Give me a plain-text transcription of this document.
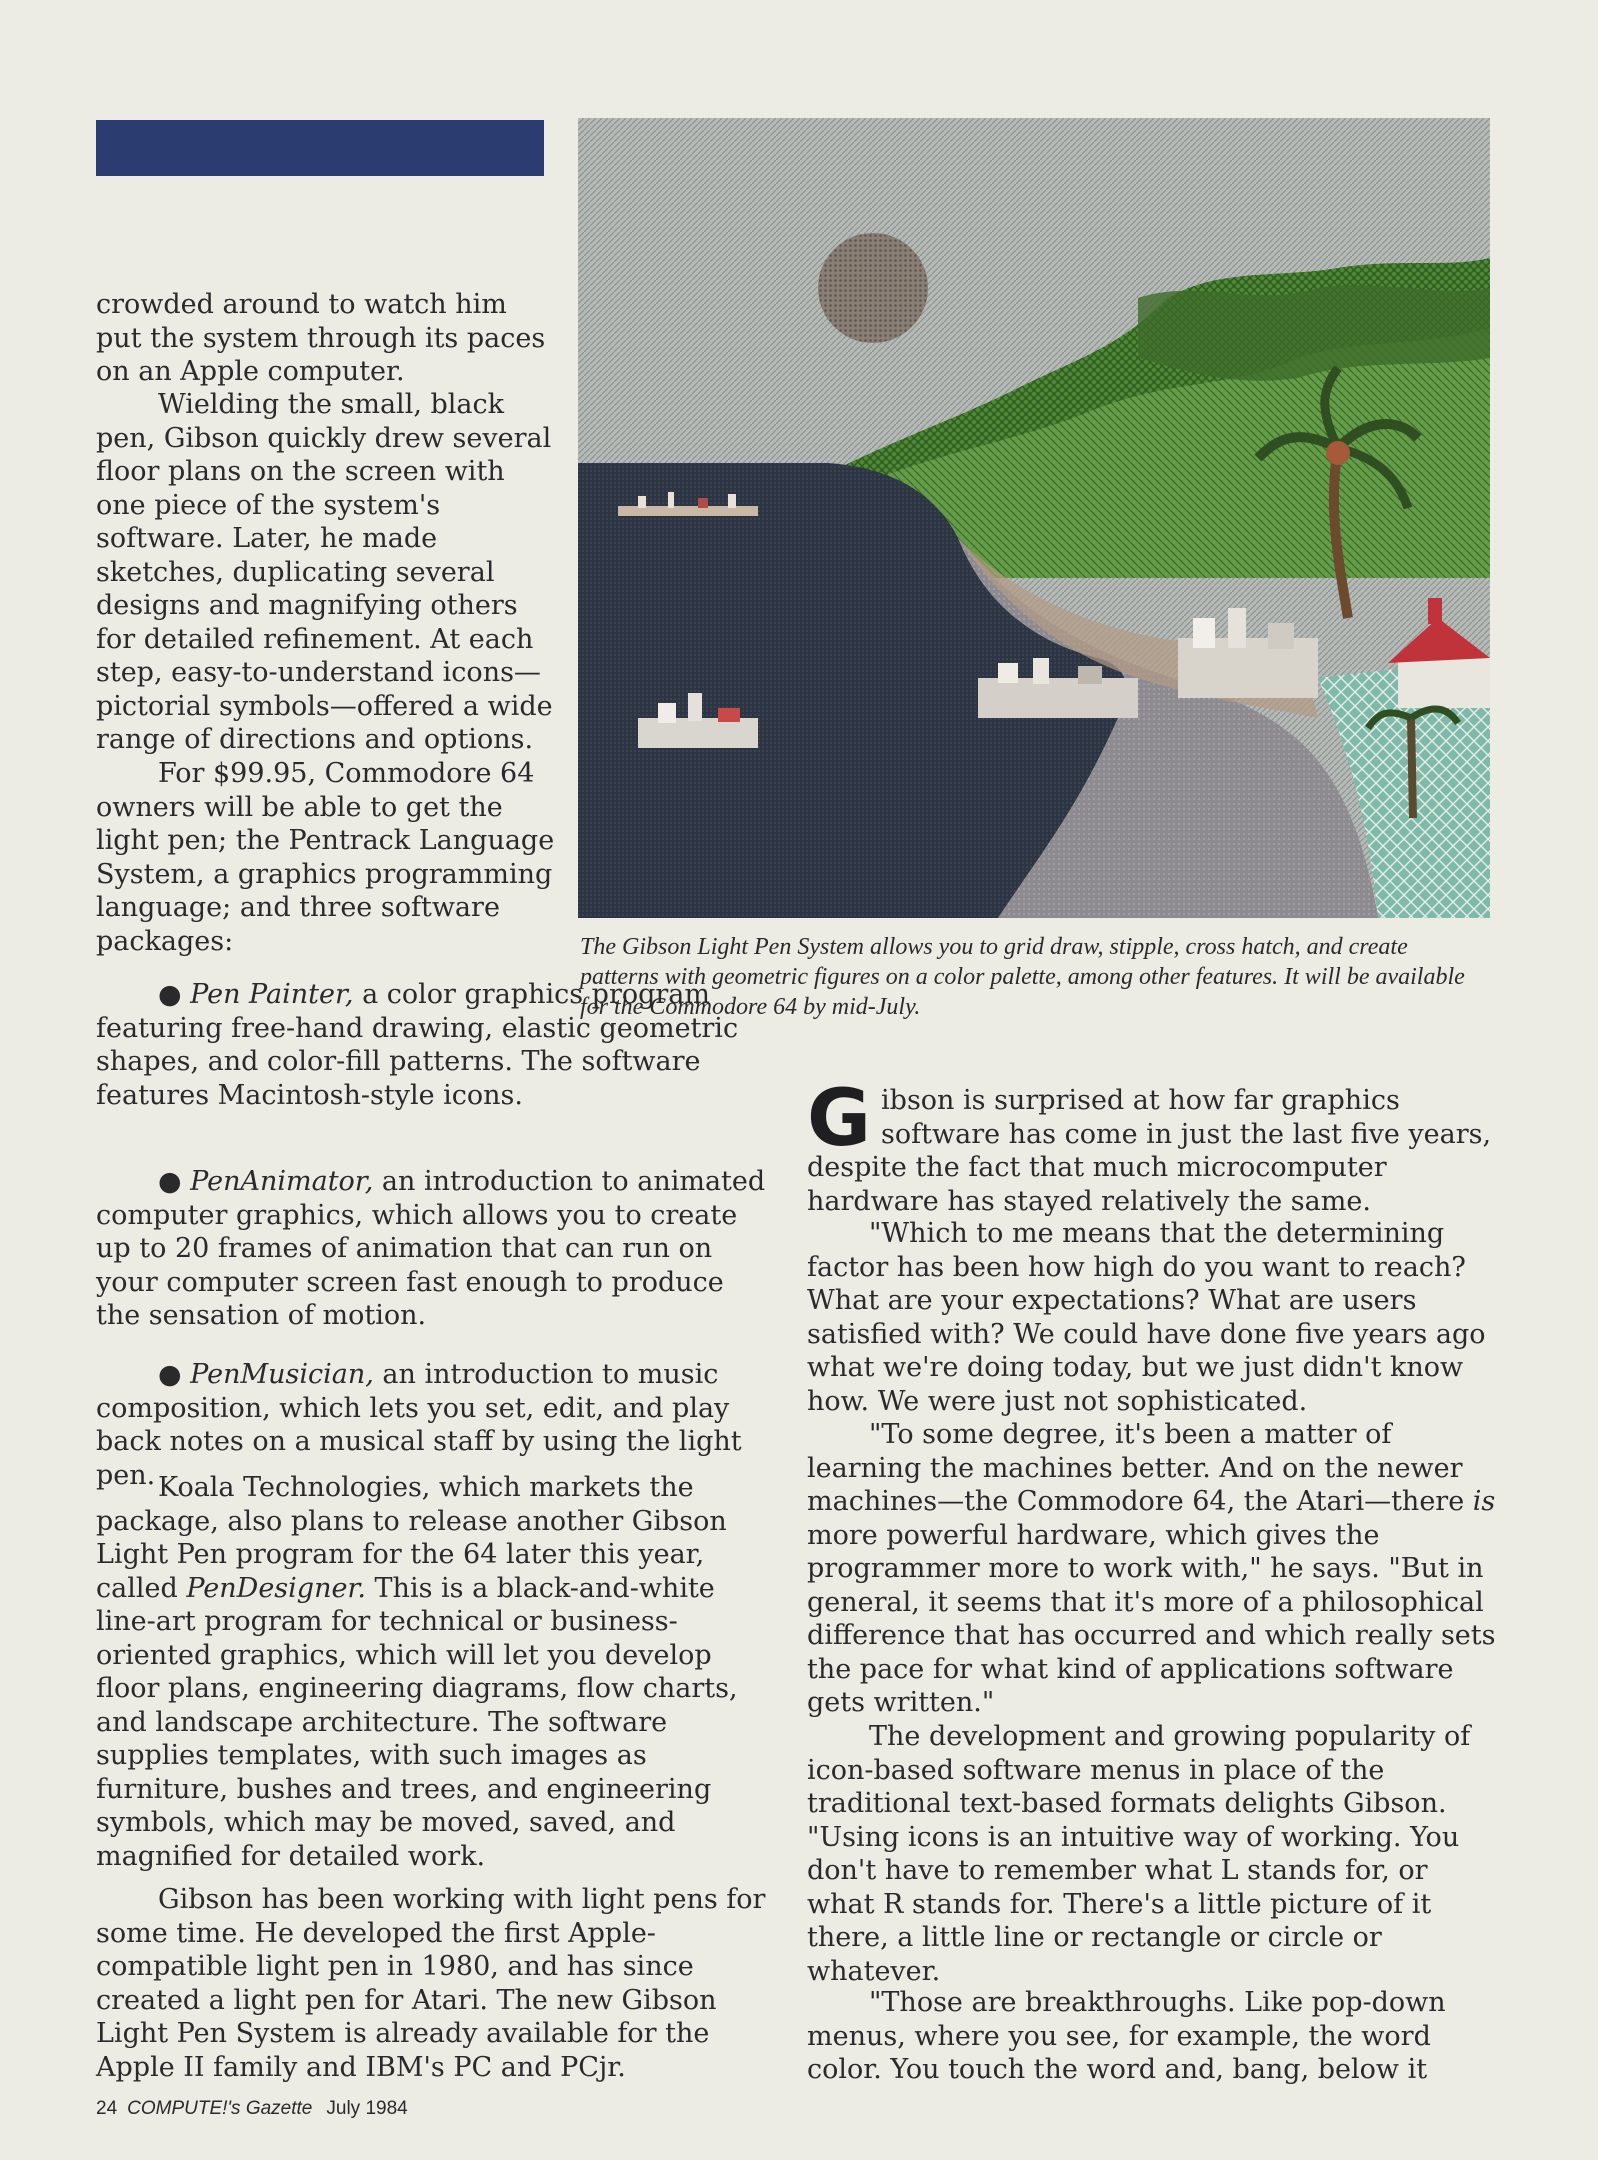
The Gibson Light Pen System allows you to grid draw, stipple, cross hatch, and create patterns with geometric figures on a color palette, among other features. It will be available for the Commodore 64 by mid-July.

crowded around to watch him put the system through its paces on an Apple computer.

Wielding the small, black pen, Gibson quickly drew several floor plans on the screen with one piece of the system's software. Later, he made sketches, duplicating several designs and magnifying others for detailed refinement. At each step, easy-to-understand icons—pictorial symbols—offered a wide range of directions and options.

For $99.95, Commodore 64 owners will be able to get the light pen; the Pentrack Language System, a graphics programming language; and three software packages:

● Pen Painter, a color graphics program featuring free-hand drawing, elastic geometric shapes, and color-fill patterns. The software features Macintosh-style icons.

● PenAnimator, an introduction to animated computer graphics, which allows you to create up to 20 frames of animation that can run on your computer screen fast enough to produce the sensation of motion.

● PenMusician, an introduction to music composition, which lets you set, edit, and play back notes on a musical staff by using the light pen. Koala Technologies, which markets the package, also plans to release another Gibson Light Pen program for the 64 later this year, called PenDesigner. This is a black-and-white line-art program for technical or business-oriented graphics, which will let you develop floor plans, engineering diagrams, flow charts, and landscape architecture. The software supplies templates, with such images as furniture, bushes and trees, and engineering symbols, which may be moved, saved, and magnified for detailed work.

Gibson has been working with light pens for some time. He developed the first Apple-compatible light pen in 1980, and has since created a light pen for Atari. The new Gibson Light Pen System is already available for the Apple II family and IBM's PC and PCjr.

Gibson is surprised at how far graphics software has come in just the last five years, despite the fact that much microcomputer hardware has stayed relatively the same.

"Which to me means that the determining factor has been how high do you want to reach? What are your expectations? What are users satisfied with? We could have done five years ago what we're doing today, but we just didn't know how. We were just not sophisticated.

"To some degree, it's been a matter of learning the machines better. And on the newer machines—the Commodore 64, the Atari—there is more powerful hardware, which gives the programmer more to work with," he says. "But in general, it seems that it's more of a philosophical difference that has occurred and which really sets the pace for what kind of applications software gets written."

The development and growing popularity of icon-based software menus in place of the traditional text-based formats delights Gibson. "Using icons is an intuitive way of working. You don't have to remember what L stands for, or what R stands for. There's a little picture of it there, a little line or rectangle or circle or whatever.

"Those are breakthroughs. Like pop-down menus, where you see, for example, the word color. You touch the word and, bang, below it

24 COMPUTE!'s Gazette July 1984
